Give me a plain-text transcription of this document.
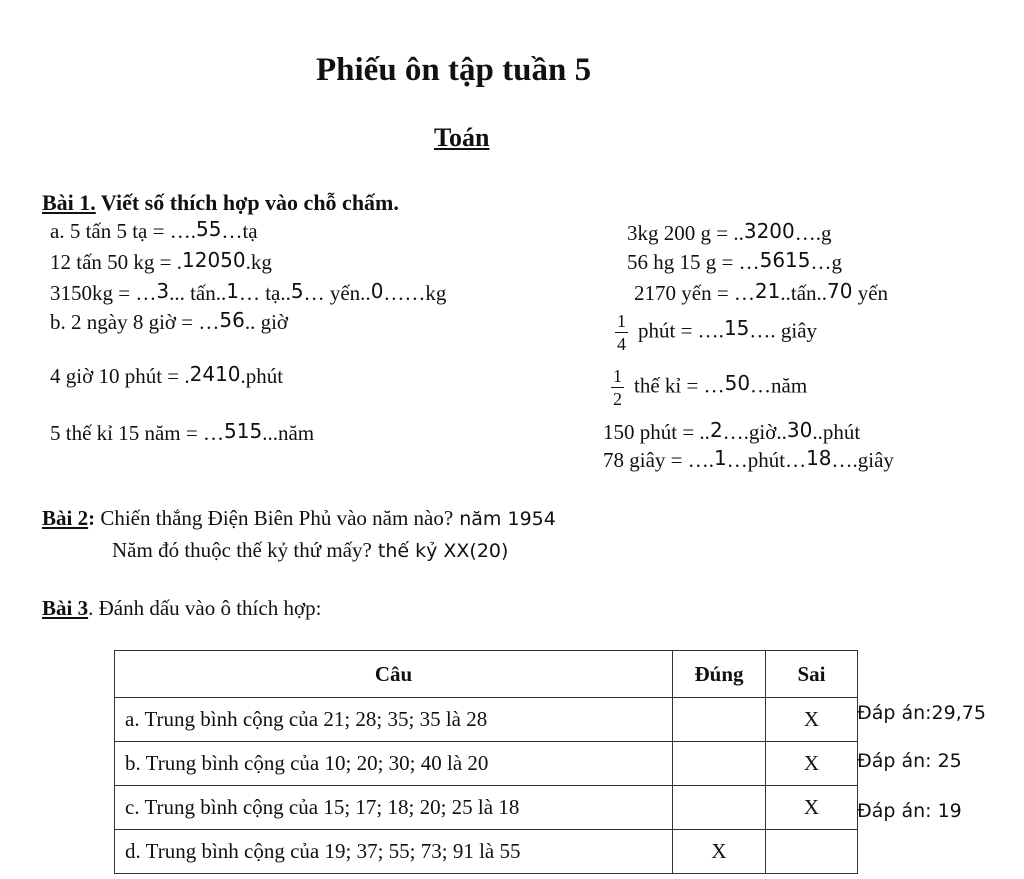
Phiếu ôn tập tuần 5
Toán
Bài 1. Viết số thích hợp vào chỗ chấm.
a. 5 tấn 5 tạ = ….55…tạ
12 tấn 50 kg = .12050.kg
3150kg = …3... tấn..1… tạ..5… yến..0……kg
b. 2 ngày 8 giờ = …56.. giờ
4 giờ 10 phút = .2410.phút
5 thế kỉ 15 năm = …515...năm
3kg 200 g = ..3200….g
56 hg 15 g = …5615…g
2170 yến = …21..tấn..70 yến
$\frac{1}{4}$ phút = ….15…. giây
$\frac{1}{2}$ thế kỉ = …50…năm
150 phút = ..2….giờ..30..phút
78 giây = ….1…phút…18….giây
Bài 2: Chiến thắng Điện Biên Phủ vào năm nào? năm 1954
Năm đó thuộc thế kỷ thứ mấy? thế kỷ XX(20)
Bài 3. Đánh dấu vào ô thích hợp:
Câu	Đúng	Sai
a. Trung bình cộng của 21; 28; 35; 35 là 28		X
b. Trung bình cộng của 10; 20; 30; 40 là 20		X
c. Trung bình cộng của 15; 17; 18; 20; 25 là 18		X
d. Trung bình cộng của 19; 37; 55; 73; 91 là 55	X	
Đáp án:29,75
Đáp án: 25
Đáp án: 19
